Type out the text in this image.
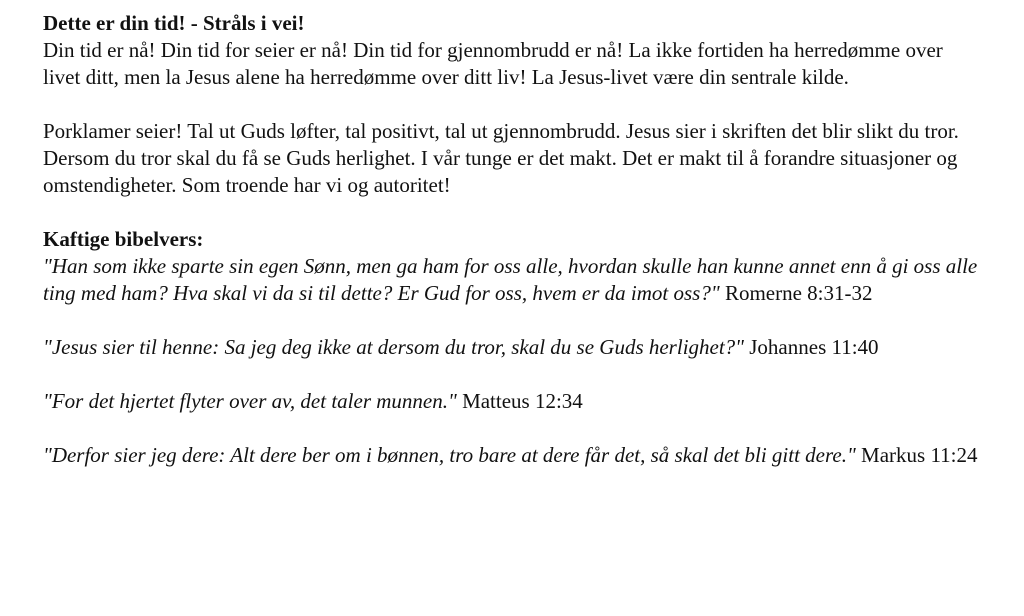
Dette er din tid! - Stråls i vei!

Din tid er nå! Din tid for seier er nå! Din tid for gjennombrudd er nå! La ikke fortiden ha herredømme over livet ditt, men la Jesus alene ha herredømme over ditt liv! La Jesus-livet være din sentrale kilde.

Porklamer seier! Tal ut Guds løfter, tal positivt, tal ut gjennombrudd. Jesus sier i skriften det blir slikt du tror. Dersom du tror skal du få se Guds herlighet. I vår tunge er det makt. Det er makt til å forandre situasjoner og omstendigheter. Som troende har vi og autoritet!

Kaftige bibelvers:

"Han som ikke sparte sin egen Sønn, men ga ham for oss alle, hvordan skulle han kunne annet enn å gi oss alle ting med ham? Hva skal vi da si til dette? Er Gud for oss, hvem er da imot oss?" Romerne 8:31-32

"Jesus sier til henne: Sa jeg deg ikke at dersom du tror, skal du se Guds herlighet?" Johannes 11:40

"For det hjertet flyter over av, det taler munnen." Matteus 12:34

"Derfor sier jeg dere: Alt dere ber om i bønnen, tro bare at dere får det, så skal det bli gitt dere." Markus 11:24
